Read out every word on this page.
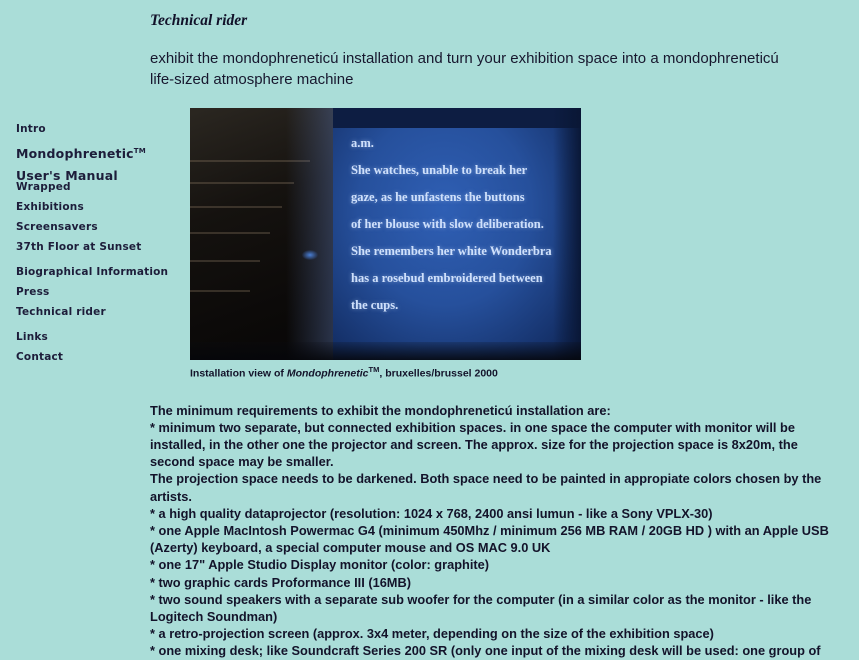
Intro
Mondophrenetic™
User's Manual
Wrapped
Exhibitions
Screensavers
37th Floor at Sunset
Biographical Information
Press
Technical rider
Links
Contact
Technical rider

exhibit the mondophreneticú installation and turn your exhibition space into a mondophreneticú life-sized atmosphere machine

a.m.
She watches, unable to break her
gaze, as he unfastens the buttons
of her blouse with slow deliberation.
She remembers her white Wonderbra
has a rosebud embroidered between
the cups.
Installation view of Mondophrenetic™, bruxelles/brussel 2000

The minimum requirements to exhibit the mondophreneticú installation are:

* minimum two separate, but connected exhibition spaces. in one space the computer with monitor will be installed, in the other one the projector and screen. The approx. size for the projection space is 8x20m, the second space may be smaller.

The projection space needs to be darkened. Both space need to be painted in appropiate colors chosen by the artists.

* a high quality dataprojector (resolution: 1024 x 768, 2400 ansi lumun - like a Sony VPLX-30)

* one Apple MacIntosh Powermac G4 (minimum 450Mhz / minimum 256 MB RAM / 20GB HD ) with an Apple USB (Azerty) keyboard, a special computer mouse and OS MAC 9.0 UK

* one 17" Apple Studio Display monitor (color: graphite)

* two graphic cards Proformance III (16MB)

* two sound speakers with a separate sub woofer for the computer (in a similar color as the monitor - like the Logitech Soundman)

* a retro-projection screen (approx. 3x4 meter, depending on the size of the exhibition space)

* one mixing desk; like Soundcraft Series 200 SR (only one input of the mixing desk will be used: one group of
